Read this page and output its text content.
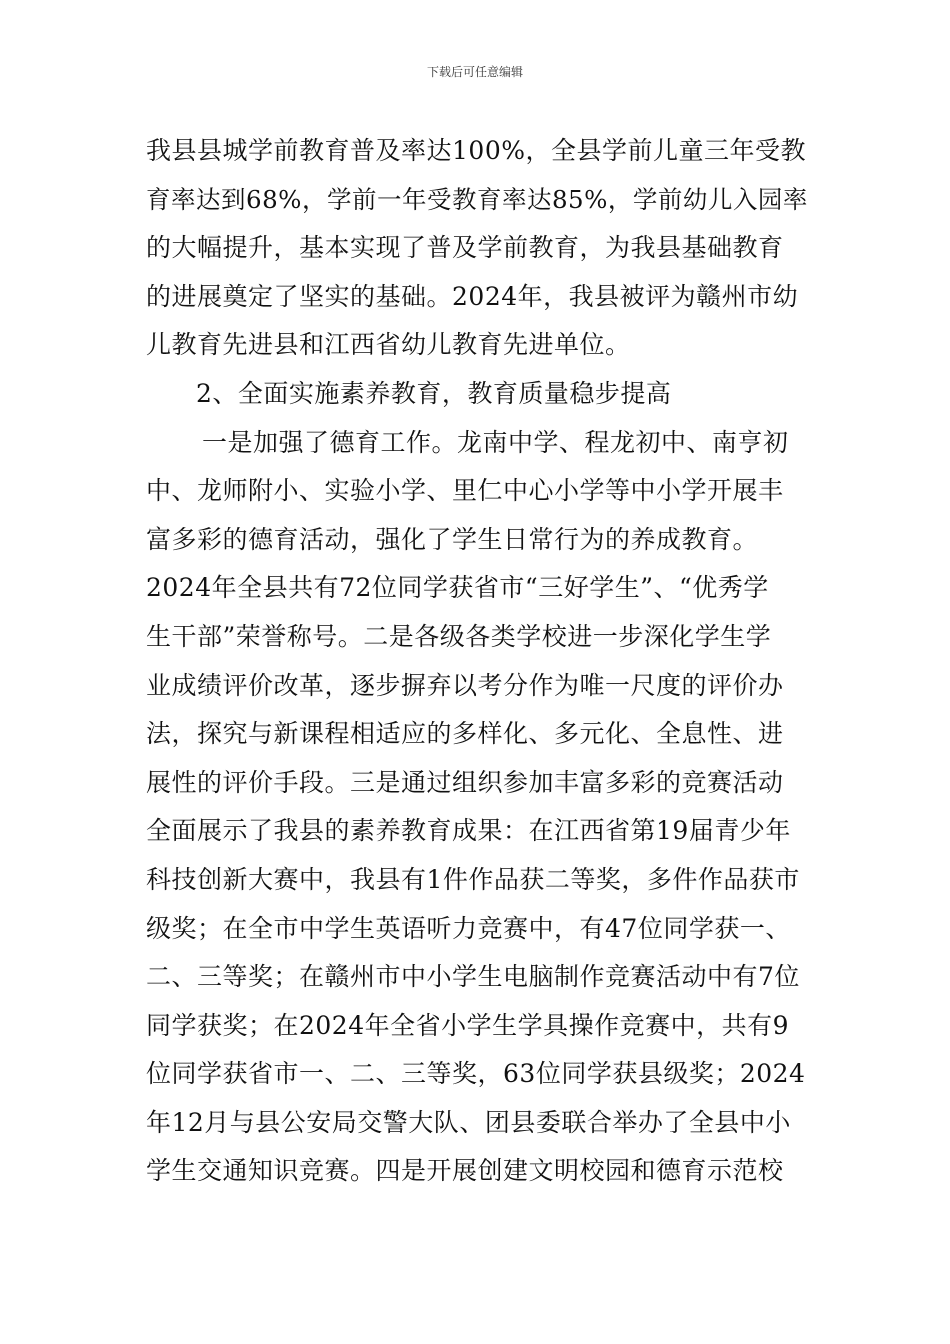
下载后可任意编辑
我县县城学前教育普及率达100%，全县学前儿童三年受教
育率达到68%，学前一年受教育率达85%，学前幼儿入园率
的大幅提升，基本实现了普及学前教育，为我县基础教育
的进展奠定了坚实的基础。2024年，我县被评为赣州市幼
儿教育先进县和江西省幼儿教育先进单位。
2、全面实施素养教育，教育质量稳步提高
一是加强了德育工作。龙南中学、程龙初中、南亨初
中、龙师附小、实验小学、里仁中心小学等中小学开展丰
富多彩的德育活动，强化了学生日常行为的养成教育。
2024年全县共有72位同学获省市“三好学生”、“优秀学
生干部”荣誉称号。二是各级各类学校进一步深化学生学
业成绩评价改革，逐步摒弃以考分作为唯一尺度的评价办
法，探究与新课程相适应的多样化、多元化、全息性、进
展性的评价手段。三是通过组织参加丰富多彩的竞赛活动
全面展示了我县的素养教育成果：在江西省第19届青少年
科技创新大赛中，我县有1件作品获二等奖，多件作品获市
级奖；在全市中学生英语听力竞赛中，有47位同学获一、
二、三等奖；在赣州市中小学生电脑制作竞赛活动中有7位
同学获奖；在2024年全省小学生学具操作竞赛中，共有9
位同学获省市一、二、三等奖，63位同学获县级奖；2024
年12月与县公安局交警大队、团县委联合举办了全县中小
学生交通知识竞赛。四是开展创建文明校园和德育示范校
